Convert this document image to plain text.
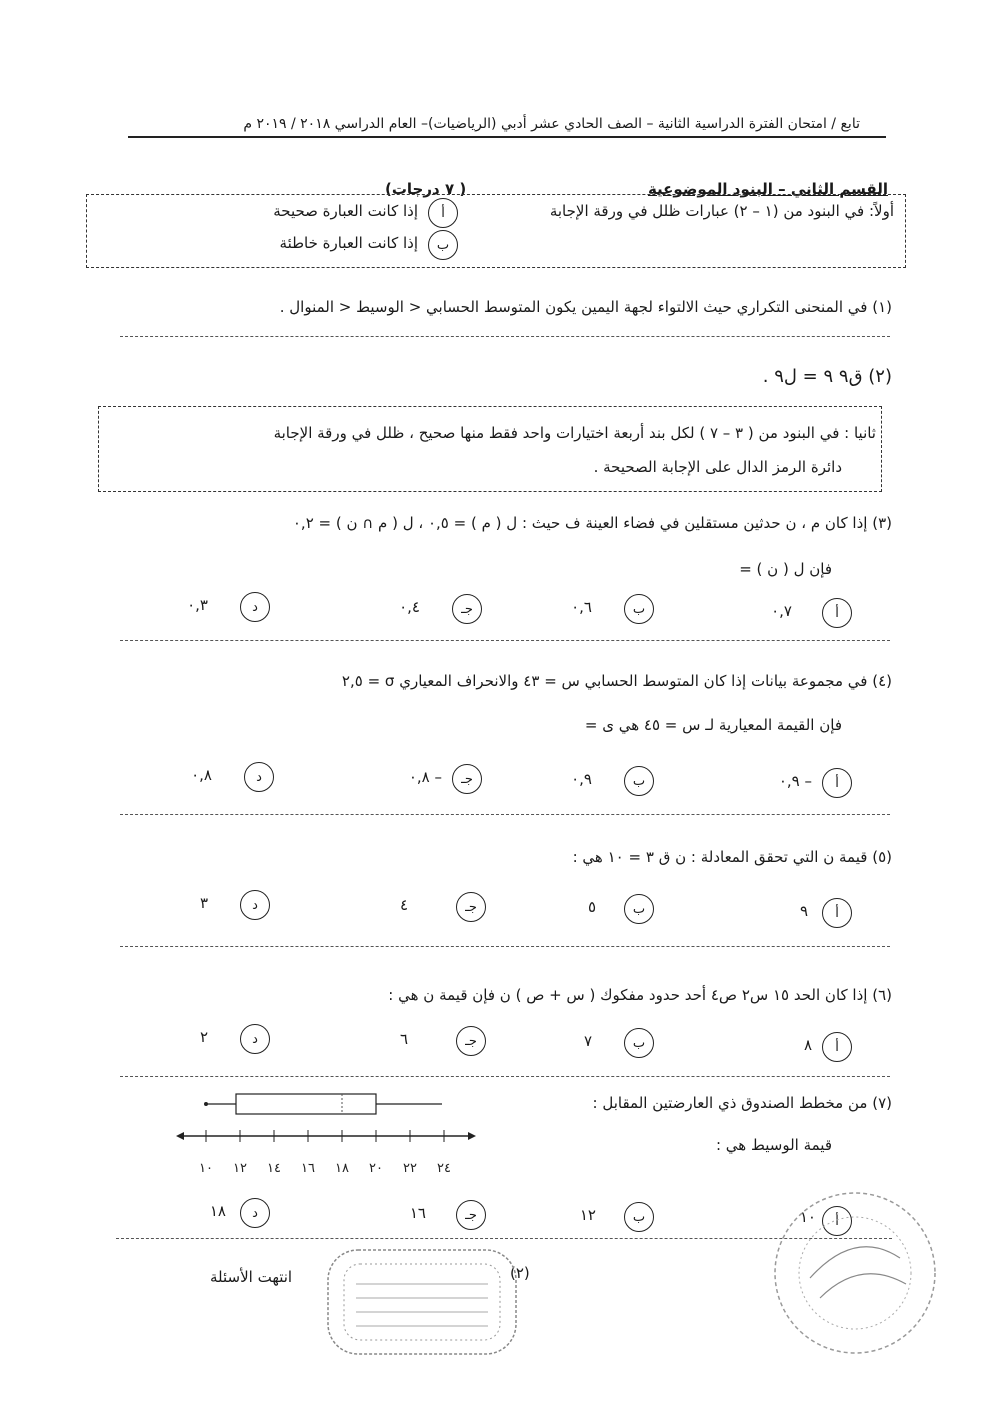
تابع / امتحان الفترة الدراسية الثانية – الصف الحادي عشر أدبي (الرياضيات)– العام الدراسي ٢٠١٨ / ٢٠١٩ م
القسم الثاني – البنود الموضوعية
( ٧ درجات)
أولاً: في البنود من (١ – ٢) عبارات ظلل في ورقة الإجابة
أ
إذا كانت العبارة صحيحة
ب
إذا كانت العبارة خاطئة
(١) في المنحنى التكراري حيث الالتواء لجهة اليمين يكون المتوسط الحسابي < الوسيط < المنوال .
(٢) ق٩ ٩ = ل٩ .
ثانيا : في البنود من ( ٣ – ٧ ) لكل بند أربعة اختيارات واحد فقط منها صحيح ، ظلل في ورقة الإجابة
دائرة الرمز الدال على الإجابة الصحيحة .
(٣) إذا كان م ، ن حدثين مستقلين في فضاء العينة ف حيث : ل ( م ) = ٠,٥ ، ل ( م ∩ ن ) = ٠,٢
فإن ل ( ن ) =
أ
٠,٧
ب
٠,٦
جـ
٠,٤
د
٠,٣
(٤) في مجموعة بيانات إذا كان المتوسط الحسابي س = ٤٣ والانحراف المعياري σ = ٢,٥
فإن القيمة المعيارية لـ س = ٤٥ هي ى =
أ
– ٠,٩
ب
٠,٩
جـ
– ٠,٨
د
٠,٨
(٥) قيمة ن التي تحقق المعادلة : ن ق ٣ = ١٠ هي :
أ
٩
ب
٥
جـ
٤
د
٣
(٦) إذا كان الحد ١٥ س٢ ص٤ أحد حدود مفكوك ( س + ص ) ن فإن قيمة ن هي :
أ
٨
ب
٧
جـ
٦
د
٢
(٧) من مخطط الصندوق ذي العارضتين المقابل :
قيمة الوسيط هي :
١٠ ١٢ ١٤ ١٦ ١٨ ٢٠ ٢٢ ٢٤
أ
١٠
ب
١٢
جـ
١٦
د
١٨
(٢)
انتهت الأسئلة
